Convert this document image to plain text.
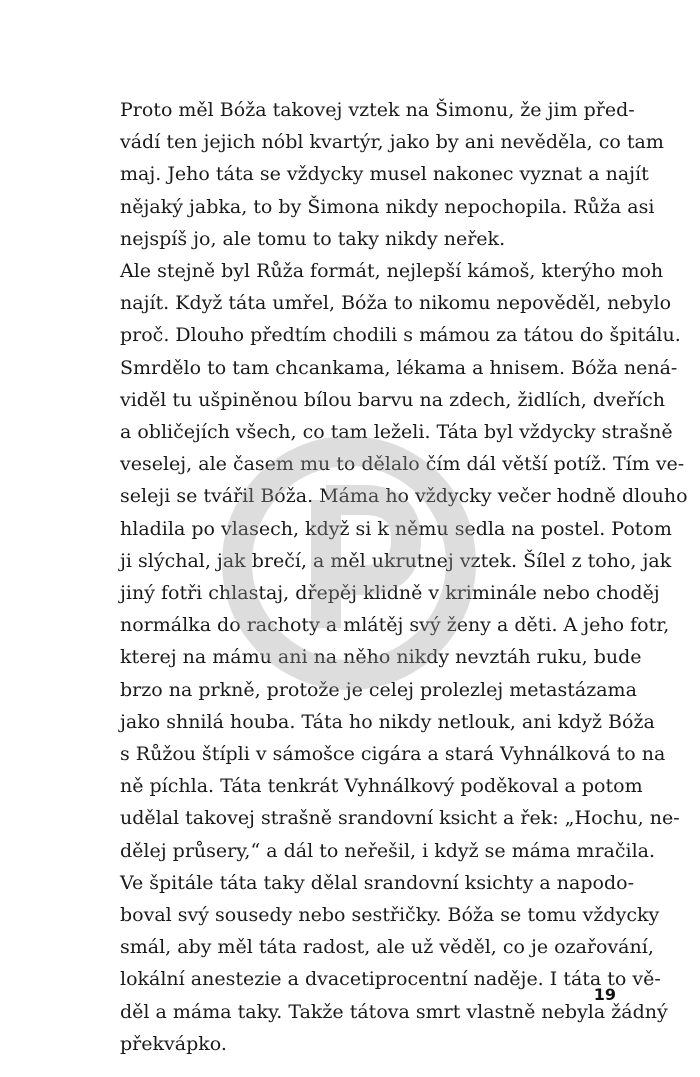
Proto měl Bóža takovej vztek na Šimonu, že jim před-
vádí ten jejich nóbl kvartýr, jako by ani nevěděla, co tam
maj. Jeho táta se vždycky musel nakonec vyznat a najít
nějaký jabka, to by Šimona nikdy nepochopila. Růža asi
nejspíš jo, ale tomu to taky nikdy neřek.

Ale stejně byl Růža formát, nejlepší kámoš, kterýho moh
najít. Když táta umřel, Bóža to nikomu nepověděl, nebylo
proč. Dlouho předtím chodili s mámou za tátou do špitálu.
Smrdělo to tam chcankama, lékama a hnisem. Bóža nená-
viděl tu ušpiněnou bílou barvu na zdech, židlích, dveřích
a obličejích všech, co tam leželi. Táta byl vždycky strašně
veselej, ale časem mu to dělalo čím dál větší potíž. Tím ve-
seleji se tvářil Bóža. Máma ho vždycky večer hodně dlouho
hladila po vlasech, když si k němu sedla na postel. Potom
ji slýchal, jak brečí, a měl ukrutnej vztek. Šílel z toho, jak
jiný fotři chlastaj, dřepěj klidně v kriminále nebo choděj
normálka do rachoty a mlátěj svý ženy a děti. A jeho fotr,
kterej na mámu ani na něho nikdy nevztáh ruku, bude
brzo na prkně, protože je celej prolezlej metastázama
jako shnilá houba. Táta ho nikdy netlouk, ani když Bóža
s Růžou štípli v sámošce cigára a stará Vyhnálková to na
ně píchla. Táta tenkrát Vyhnálkový poděkoval a potom
udělal takovej strašně srandovní ksicht a řek: „Hochu, ne-
dělej průsery,“ a dál to neřešil, i když se máma mračila.

Ve špitále táta taky dělal srandovní ksichty a napodo-
boval svý sousedy nebo sestřičky. Bóža se tomu vždycky
smál, aby měl táta radost, ale už věděl, co je ozařování,
lokální anestezie a dvacetiprocentní naděje. I táta to vě-
děl a máma taky. Takže tátova smrt vlastně nebyla žádný
překvápko.

19
